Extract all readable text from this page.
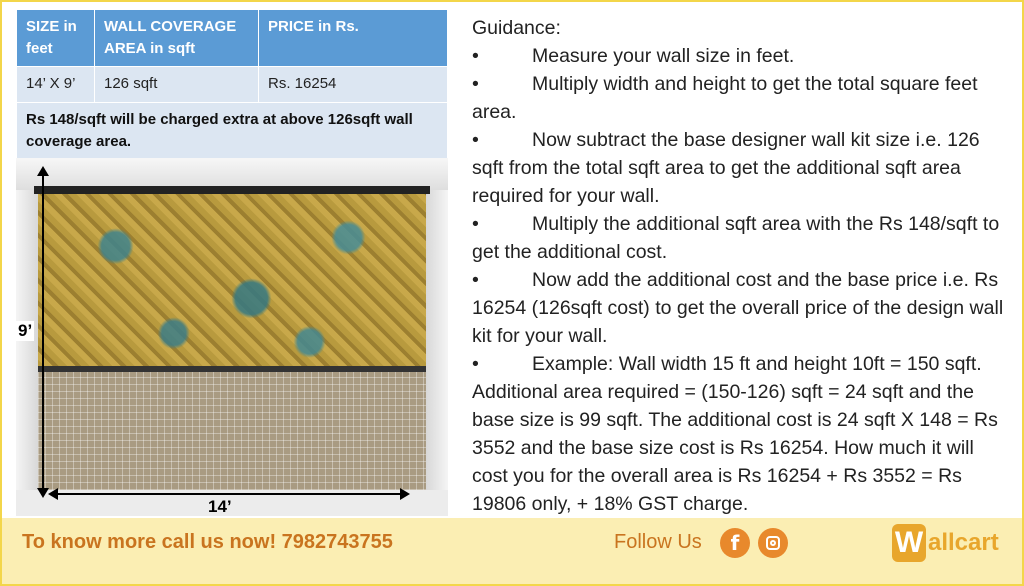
SIZE in feet	WALL COVERAGE AREA in sqft	PRICE in Rs.
14’ X 9’	126 sqft	Rs. 16254
Rs 148/sqft will be charged extra at above 126sqft wall coverage area.		
9’
14’
Guidance:
•	Measure your wall size in feet.
•	Multiply width and height to get the total square feet area.
•	Now subtract the base designer wall kit size i.e. 126 sqft from the total sqft area to get the additional sqft area required for your wall.
•	Multiply the additional sqft area with the Rs 148/sqft to get the additional cost.
•	Now add the additional cost and the base price i.e. Rs 16254 (126sqft cost) to get the overall price of the design wall kit for your wall.
•	Example: Wall width 15 ft and height 10ft = 150 sqft. Additional area required = (150-126) sqft = 24 sqft and the base size is 99 sqft. The additional cost is 24 sqft X 148 = Rs 3552 and the base size cost is Rs 16254. How much it will cost you for the overall area is Rs 16254 + Rs 3552 = Rs 19806 only, + 18% GST charge.
To know more call us now! 7982743755	Follow Us	f	W allcart
